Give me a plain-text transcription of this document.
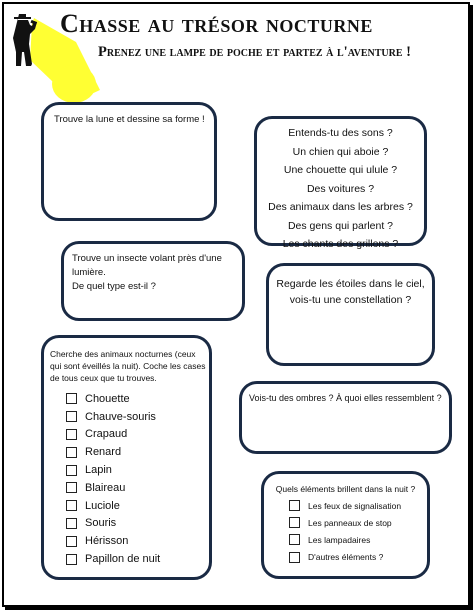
Chasse au trésor nocturne
Prenez une lampe de poche et partez à l'aventure !
Trouve la lune et dessine sa forme !
Entends-tu des sons ?
Un chien qui aboie ?
Une chouette qui ulule ?
Des voitures ?
Des animaux dans les arbres ?
Des gens qui parlent ?
Les chants des grillons ?
Trouve un insecte volant près d'une lumière.
De quel type est-il ?	Regarde les étoiles dans le ciel,
vois-tu une constellation ?
Cherche des animaux nocturnes (ceux qui sont éveillés la nuit). Coche les cases de tous ceux que tu trouves.
Chouette
Chauve-souris
Crapaud
Renard
Lapin
Blaireau
Luciole
Souris
Hérisson
Papillon de nuit
Vois-tu des ombres ? À quoi elles ressemblent ?
Quels éléments brillent dans la nuit ?
Les feux de signalisation
Les panneaux de stop
Les lampadaires
D'autres éléments ?
